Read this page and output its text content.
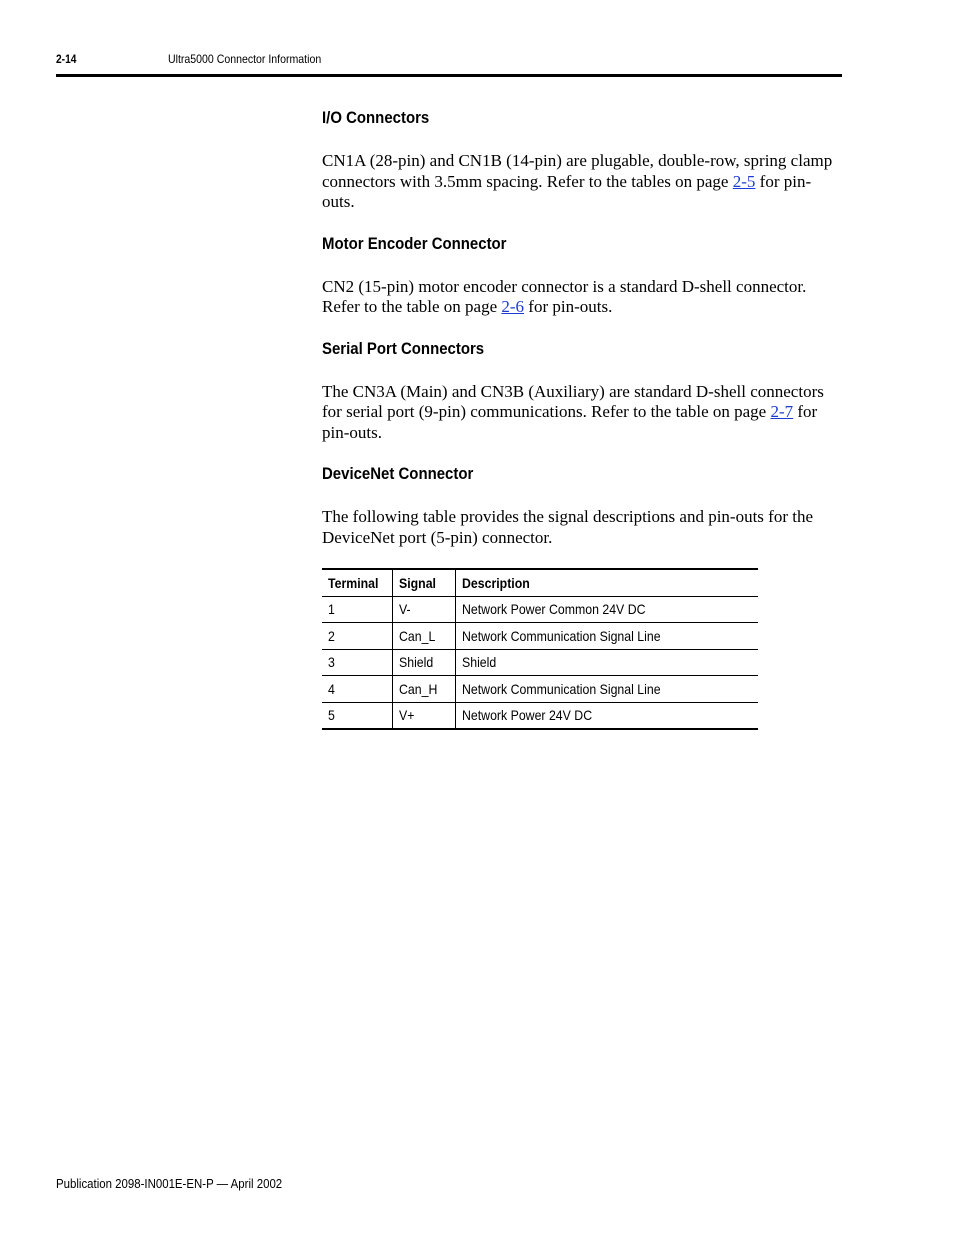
2-14	Ultra5000 Connector Information
I/O Connectors

CN1A (28-pin) and CN1B (14-pin) are plugable, double-row, spring clamp connectors with 3.5mm spacing. Refer to the tables on page 2-5 for pin-outs.

Motor Encoder Connector

CN2 (15-pin) motor encoder connector is a standard D-shell connector. Refer to the table on page 2-6 for pin-outs.

Serial Port Connectors

The CN3A (Main) and CN3B (Auxiliary) are standard D-shell connectors for serial port (9-pin) communications. Refer to the table on page 2-7 for pin-outs.

DeviceNet Connector

The following table provides the signal descriptions and pin-outs for the DeviceNet port (5-pin) connector.

Terminal	Signal	Description
1	V-	Network Power Common 24V DC
2	Can_L	Network Communication Signal Line
3	Shield	Shield
4	Can_H	Network Communication Signal Line
5	V+	Network Power 24V DC
Publication 2098-IN001E-EN-P — April 2002
